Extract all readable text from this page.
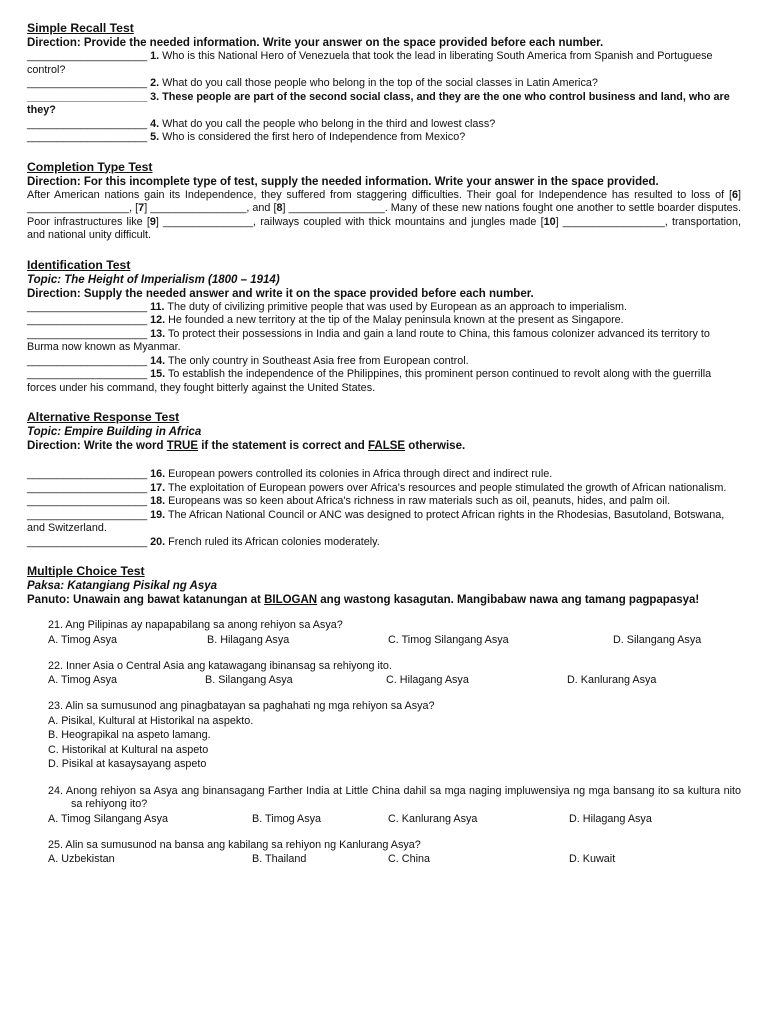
Simple Recall Test
Direction: Provide the needed information. Write your answer on the space provided before each number.
____________________ 1. Who is this National Hero of Venezuela that took the lead in liberating South America from Spanish and Portuguese control?
____________________ 2. What do you call those people who belong in the top of the social classes in Latin America?
____________________ 3. These people are part of the second social class, and they are the one who control business and land, who are they?
____________________ 4. What do you call the people who belong in the third and lowest class?
____________________ 5. Who is considered the first hero of Independence from Mexico?
Completion Type Test
Direction: For this incomplete type of test, supply the needed information. Write your answer in the space provided.
After American nations gain its Independence, they suffered from staggering difficulties. Their goal for Independence has resulted to loss of [6] _________________, [7] ________________, and [8] ________________. Many of these new nations fought one another to settle boarder disputes. Poor infrastructures like [9] _______________, railways coupled with thick mountains and jungles made [10] _________________, transportation, and national unity difficult.
Identification Test
Topic: The Height of Imperialism (1800 – 1914)
Direction: Supply the needed answer and write it on the space provided before each number.
____________________ 11. The duty of civilizing primitive people that was used by European as an approach to imperialism.
____________________ 12. He founded a new territory at the tip of the Malay peninsula known at the present as Singapore.
____________________ 13. To protect their possessions in India and gain a land route to China, this famous colonizer advanced its territory to Burma now known as Myanmar.
____________________ 14. The only country in Southeast Asia free from European control.
____________________ 15. To establish the independence of the Philippines, this prominent person continued to revolt along with the guerrilla forces under his command, they fought bitterly against the United States.
Alternative Response Test
Topic: Empire Building in Africa
Direction: Write the word TRUE if the statement is correct and FALSE otherwise.
____________________ 16. European powers controlled its colonies in Africa through direct and indirect rule.
____________________ 17. The exploitation of European powers over Africa's resources and people stimulated the growth of African nationalism.
____________________ 18. Europeans was so keen about Africa's richness in raw materials such as oil, peanuts, hides, and palm oil.
____________________ 19. The African National Council or ANC was designed to protect African rights in the Rhodesias, Basutoland, Botswana, and Switzerland.
____________________ 20. French ruled its African colonies moderately.
Multiple Choice Test
Paksa: Katangiang Pisikal ng Asya
Panuto: Unawain ang bawat katanungan at BILOGAN ang wastong kasagutan. Mangibabaw nawa ang tamang pagpapasya!
21. Ang Pilipinas ay napapabilang sa anong rehiyon sa Asya?
A. Timog Asya	B. Hilagang Asya	C. Timog Silangang Asya	D. Silangang Asya
22. Inner Asia o Central Asia ang katawagang ibinansag sa rehiyong ito.
A. Timog Asya	B. Silangang Asya	C. Hilagang Asya	D. Kanlurang Asya
23. Alin sa sumusunod ang pinagbatayan sa paghahati ng mga rehiyon sa Asya?
A. Pisikal, Kultural at Historikal na aspekto.
B. Heograpikal na aspeto lamang.
C. Historikal at Kultural na aspeto
D. Pisikal at kasaysayang aspeto
24. Anong rehiyon sa Asya ang binansagang Farther India at Little China dahil sa mga naging impluwensiya ng mga bansang ito sa kultura nito sa rehiyong ito?
A. Timog Silangang Asya	B. Timog Asya	C. Kanlurang Asya	D. Hilagang Asya
25. Alin sa sumusunod na bansa ang kabilang sa rehiyon ng Kanlurang Asya?
A. Uzbekistan	B. Thailand	C. China	D. Kuwait
